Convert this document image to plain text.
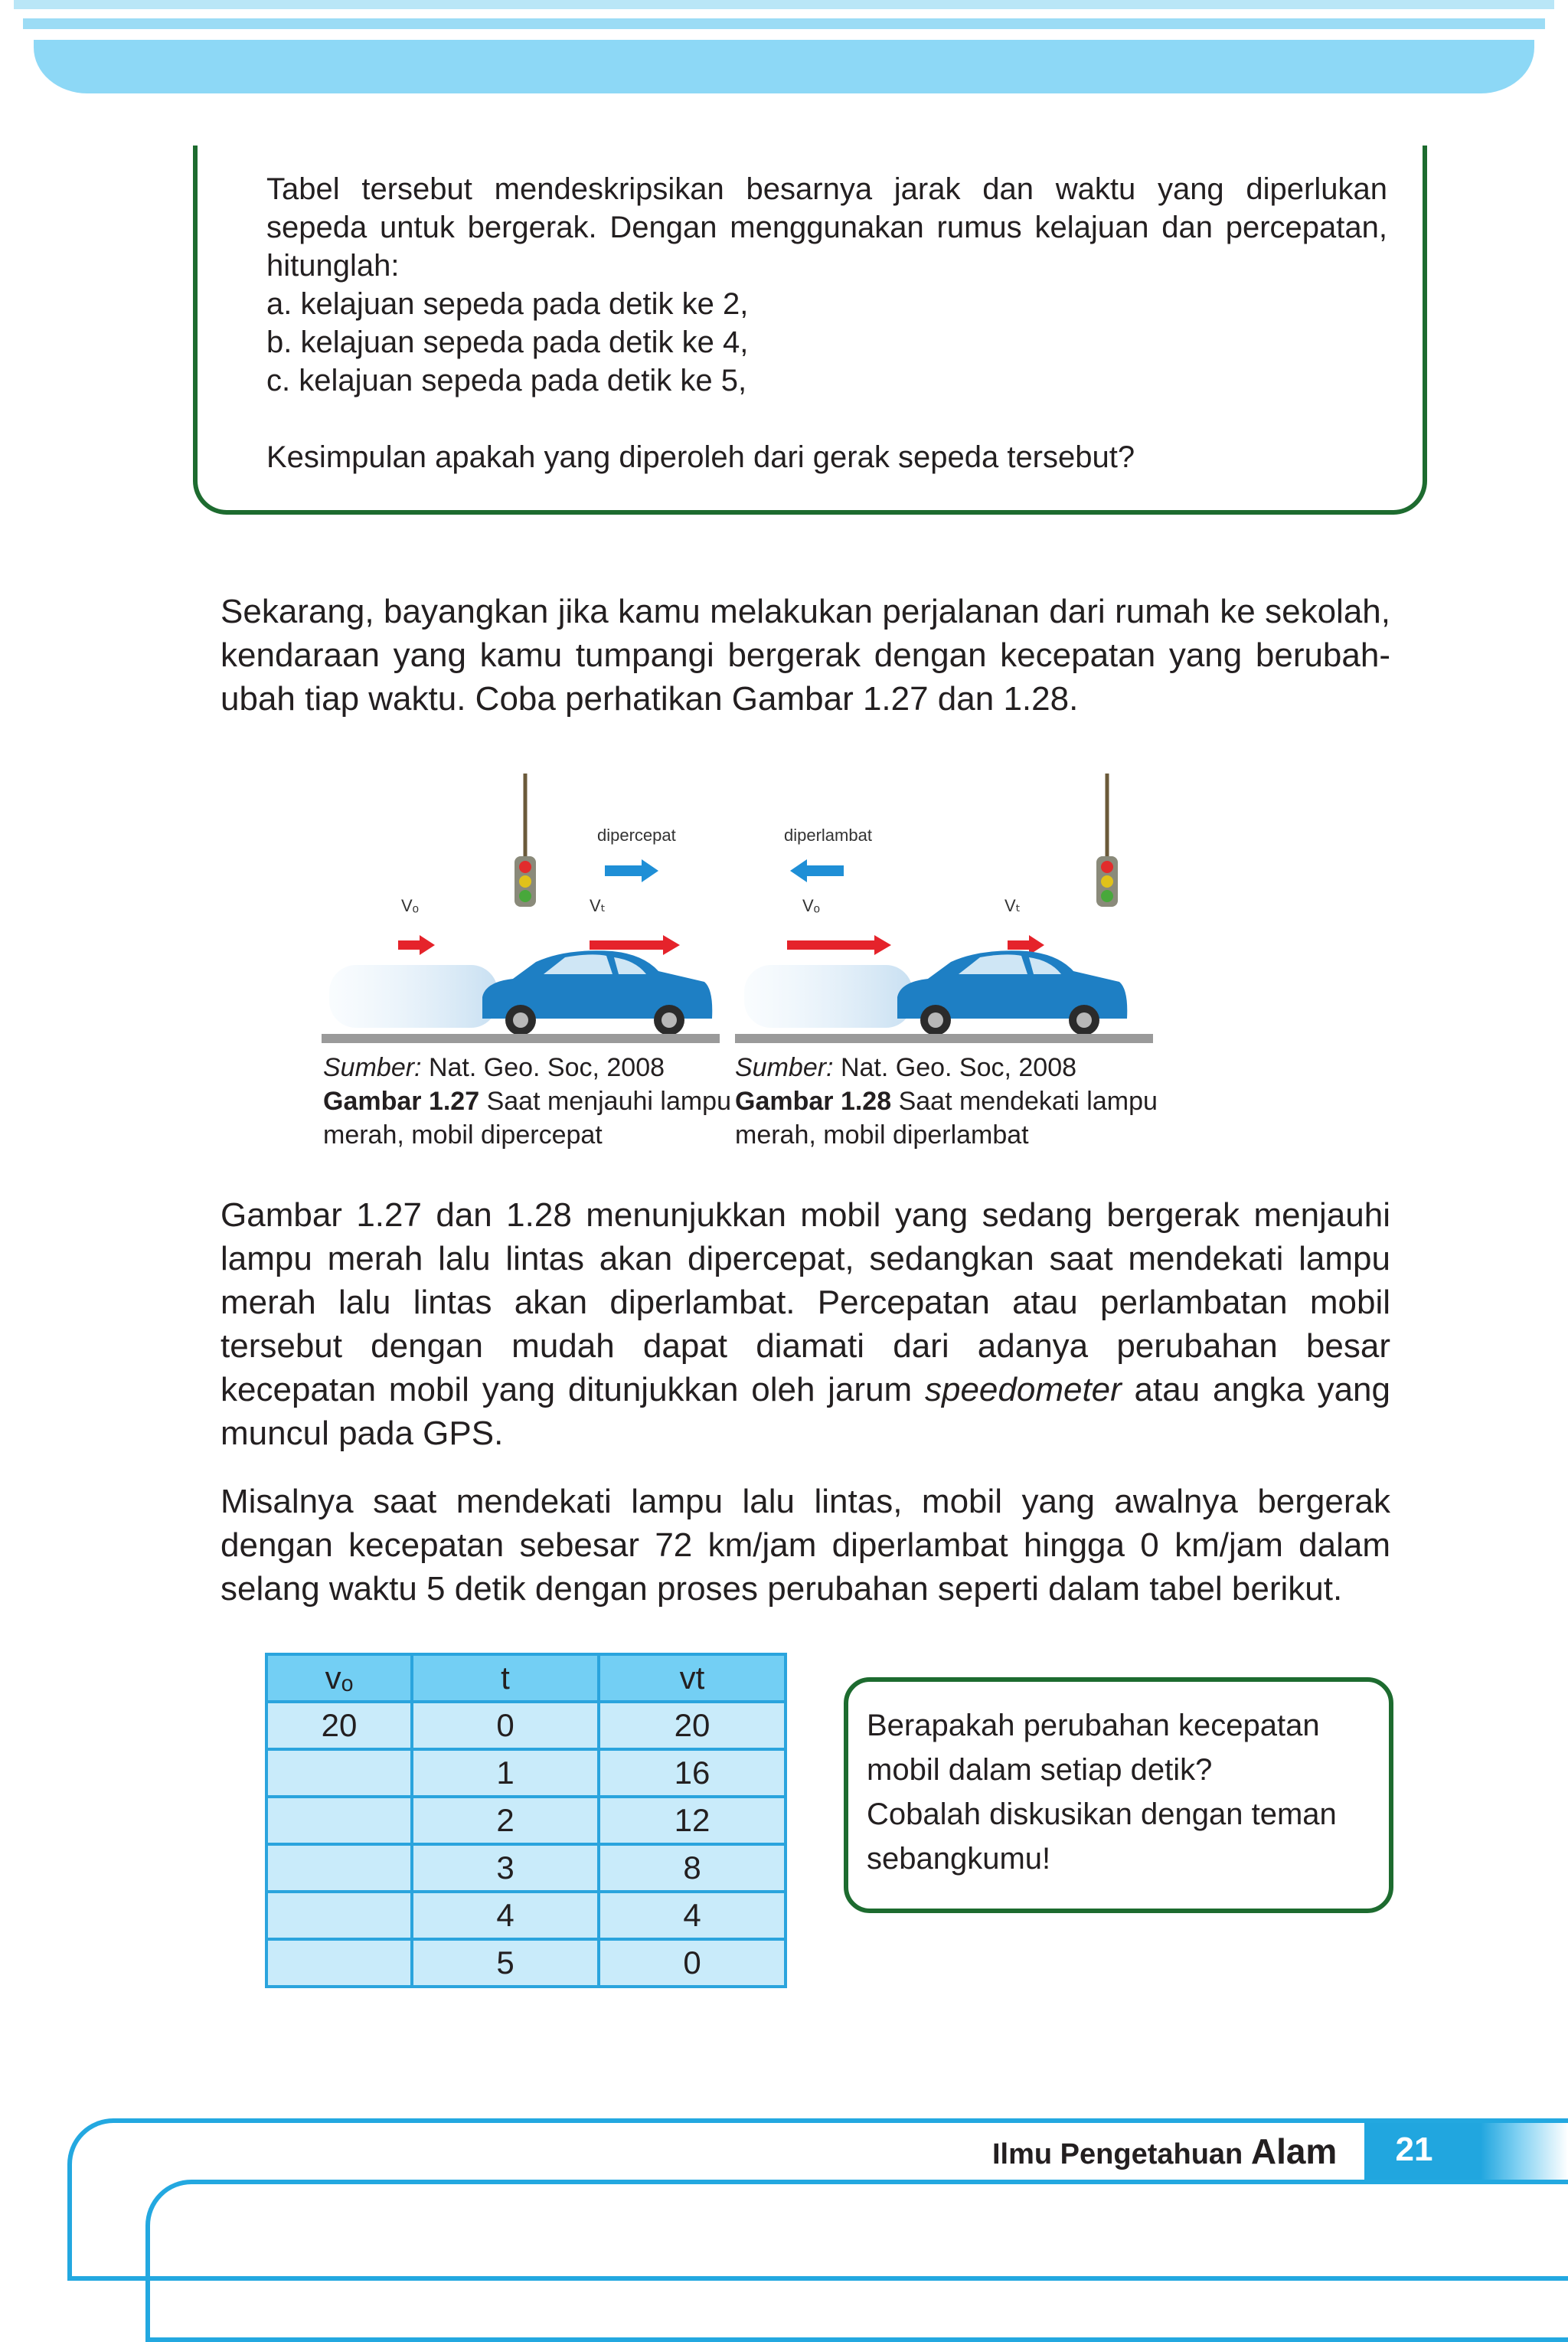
Tabel tersebut mendeskripsikan besarnya jarak dan waktu yang diperlukan sepeda untuk bergerak. Dengan menggunakan rumus kelajuan dan percepatan, hitunglah:

a. kelajuan sepeda pada detik ke 2,

b. kelajuan sepeda pada detik ke 4,

c. kelajuan sepeda pada detik ke 5,

Kesimpulan apakah yang diperoleh dari gerak sepeda tersebut?

Sekarang, bayangkan jika kamu melakukan perjalanan dari rumah ke sekolah, kendaraan yang kamu tumpangi bergerak dengan kecepatan yang berubah-ubah tiap waktu. Coba perhatikan Gambar 1.27 dan 1.28.

dipercepat
Vₒ	Vₜ
diperlambat
Vₒ	Vₜ

Sumber: Nat. Geo. Soc, 2008

Gambar 1.27 Saat menjauhi lampu merah, mobil dipercepat

Sumber: Nat. Geo. Soc, 2008

Gambar 1.28 Saat mendekati lampu merah, mobil diperlambat

Gambar 1.27 dan 1.28 menunjukkan mobil yang sedang bergerak menjauhi lampu merah lalu lintas akan dipercepat, sedangkan saat mendekati lampu merah lalu lintas akan diperlambat. Percepatan atau perlambatan mobil tersebut dengan mudah dapat diamati dari adanya perubahan besar kecepatan mobil yang ditunjukkan oleh jarum speedometer atau angka yang muncul pada GPS.

Misalnya saat mendekati lampu lalu lintas, mobil yang awalnya bergerak dengan kecepatan sebesar 72 km/jam diperlambat hingga 0 km/jam dalam selang waktu 5 detik dengan proses perubahan seperti dalam tabel berikut.

vₒ	t	vt
20	0	20
	1	16
	2	12
	3	8
	4	4
	5	0

Berapakah perubahan kecepatan mobil dalam setiap detik?

Cobalah diskusikan dengan teman sebangkumu!

Ilmu Pengetahuan Alam	21
